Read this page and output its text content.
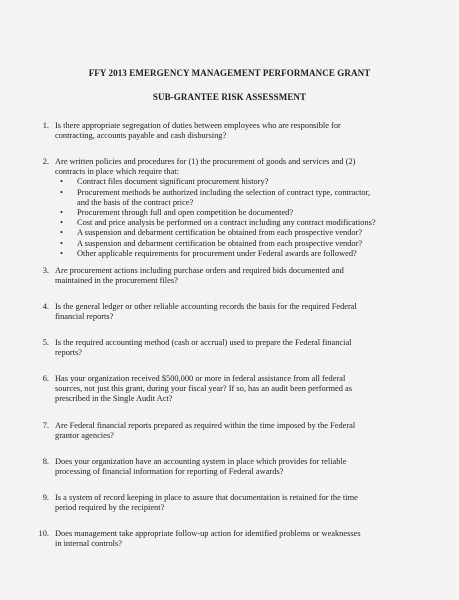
FFY 2013 EMERGENCY MANAGEMENT PERFORMANCE GRANT
SUB-GRANTEE RISK ASSESSMENT
1. Is there appropriate segregation of duties between employees who are responsible for
contracting, accounts payable and cash disbursing?
2. Are written policies and procedures for (1) the procurement of goods and services and (2)
contracts in place which require that:
• Contract files document significant procurement history?
• Procurement methods be authorized including the selection of contract type, contractor,
and the basis of the contract price?
• Procurement through full and open competition be documented?
• Cost and price analysis be performed on a contract including any contract modifications?
• A suspension and debarment certification be obtained from each prospective vendor?
• A suspension and debarment certification be obtained from each prospective vendor?
• Other applicable requirements for procurement under Federal awards are followed?
3. Are procurement actions including purchase orders and required bids documented and
maintained in the procurement files?
4. Is the general ledger or other reliable accounting records the basis for the required Federal
financial reports?
5. Is the required accounting method (cash or accrual) used to prepare the Federal financial
reports?
6. Has your organization received $500,000 or more in federal assistance from all federal
sources, not just this grant, during your fiscal year? If so, has an audit been performed as
prescribed in the Single Audit Act?
7. Are Federal financial reports prepared as required within the time imposed by the Federal
grantor agencies?
8. Does your organization have an accounting system in place which provides for reliable
processing of financial information for reporting of Federal awards?
9. Is a system of record keeping in place to assure that documentation is retained for the time
period required by the recipient?
10. Does management take appropriate follow-up action for identified problems or weaknesses
in internal controls?
